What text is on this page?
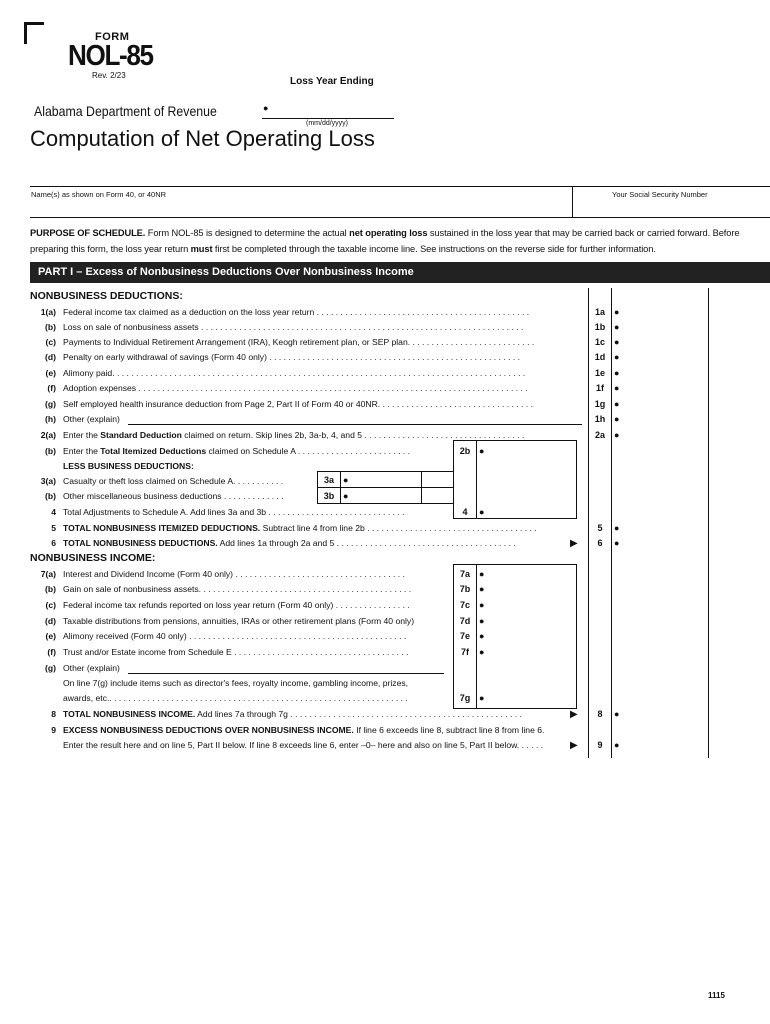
FORM
NOL-85
Rev. 2/23
Loss Year Ending
Alabama Department of Revenue	●
(mm/dd/yyyy)
Computation of Net Operating Loss
Name(s) as shown on Form 40, or 40NR	Your Social Security Number
PURPOSE OF SCHEDULE. Form NOL-85 is designed to determine the actual net operating loss sustained in the loss year that may be carried back or carried forward. Before preparing this form, the loss year return must first be completed through the taxable income line. See instructions on the reverse side for further information.
PART I – Excess of Nonbusiness Deductions Over Nonbusiness Income
NONBUSINESS DEDUCTIONS:
1(a) Federal income tax claimed as a deduction on the loss year return . . . . . . . . . . . . . . . . . . . . . . . . . . . . . . . . . . . . . . . . . . . . .	1a	●
(b) Loss on sale of nonbusiness assets . . . . . . . . . . . . . . . . . . . . . . . . . . . . . . . . . . . . . . . . . . . . . . . . . . . . . . . . . . . . . . . . . . . .	1b ●
(c) Payments to Individual Retirement Arrangement (IRA), Keogh retirement plan, or SEP plan. . . . . . . . . . . . . . . . . . . . . . . . . . .	1c	●
(d) Penalty on early withdrawal of savings (Form 40 only) . . . . . . . . . . . . . . . . . . . . . . . . . . . . . . . . . . . . . . . . . . . . . . . . . . . . .	1d ●
(e) Alimony paid. . . . . . . . . . . . . . . . . . . . . . . . . . . . . . . . . . . . . . . . . . . . . . . . . . . . . . . . . . . . . . . . . . . . . . . . . . . . . . . . . . . . . . .	1e	●
(f) Adoption expenses . . . . . . . . . . . . . . . . . . . . . . . . . . . . . . . . . . . . . . . . . . . . . . . . . . . . . . . . . . . . . . . . . . . . . . . . . . . . . . . . . .	1f	●
(g) Self employed health insurance deduction from Page 2, Part II of Form 40 or 40NR. . . . . . . . . . . . . . . . . . . . . . . . . . . . . . . . .	1g ●
(h) Other (explain)	1h ●
2(a) Enter the Standard Deduction claimed on return. Skip lines 2b, 3a-b, 4, and 5 . . . . . . . . . . . . . . . . . . . . . . . . . . . . . . . . . .	2a	●
(b) Enter the Total Itemized Deductions claimed on Schedule A . . . . . . . . . . . . . . . . . . . . . . . .	2b ●
LESS BUSINESS DEDUCTIONS:
3(a) Casualty or theft loss claimed on Schedule A. . . . . . . . . . .	3a	●
(b) Other miscellaneous business deductions . . . . . . . . . . . . .	3b ●
4 Total Adjustments to Schedule A. Add lines 3a and 3b . . . . . . . . . . . . . . . . . . . . . . . . . . . . .	4	●
5 TOTAL NONBUSINESS ITEMIZED DEDUCTIONS. Subtract line 4 from line 2b . . . . . . . . . . . . . . . . . . . . . . . . . . . . . . . . . . . .	5	●
6 TOTAL NONBUSINESS DEDUCTIONS. Add lines 1a through 2a and 5 . . . . . . . . . . . . . . . . . . . . . . . . . . . . . . . . . . . . . .	▶	6	●
NONBUSINESS INCOME:
7(a) Interest and Dividend Income (Form 40 only) . . . . . . . . . . . . . . . . . . . . . . . . . . . . . . . . . . . .	7a	●
(b) Gain on sale of nonbusiness assets. . . . . . . . . . . . . . . . . . . . . . . . . . . . . . . . . . . . . . . . . . . . .	7b ●
(c) Federal income tax refunds reported on loss year return (Form 40 only) . . . . . . . . . . . . . . . .	7c	●
(d) Taxable distributions from pensions, annuities, IRAs or other retirement plans (Form 40 only)	7d ●
(e) Alimony received (Form 40 only) . . . . . . . . . . . . . . . . . . . . . . . . . . . . . . . . . . . . . . . . . . . . . .	7e	●
(f) Trust and/or Estate income from Schedule E . . . . . . . . . . . . . . . . . . . . . . . . . . . . . . . . . . . . .	7f	●
(g) Other (explain)
On line 7(g) include items such as director's fees, royalty income, gambling income, prizes,
awards, etc.. . . . . . . . . . . . . . . . . . . . . . . . . . . . . . . . . . . . . . . . . . . . . . . . . . . . . . . . . . . . . . .	7g ●
8 TOTAL NONBUSINESS INCOME. Add lines 7a through 7g . . . . . . . . . . . . . . . . . . . . . . . . . . . . . . . . . . . . . . . . . . . . . . . . .	▶	8	●
9 EXCESS NONBUSINESS DEDUCTIONS OVER NONBUSINESS INCOME. If line 6 exceeds line 8, subtract line 8 from line 6.
Enter the result here and on line 5, Part II below. If line 8 exceeds line 6, enter –0– here and also on line 5, Part II below. . . . . .	▶	9	●
1115
